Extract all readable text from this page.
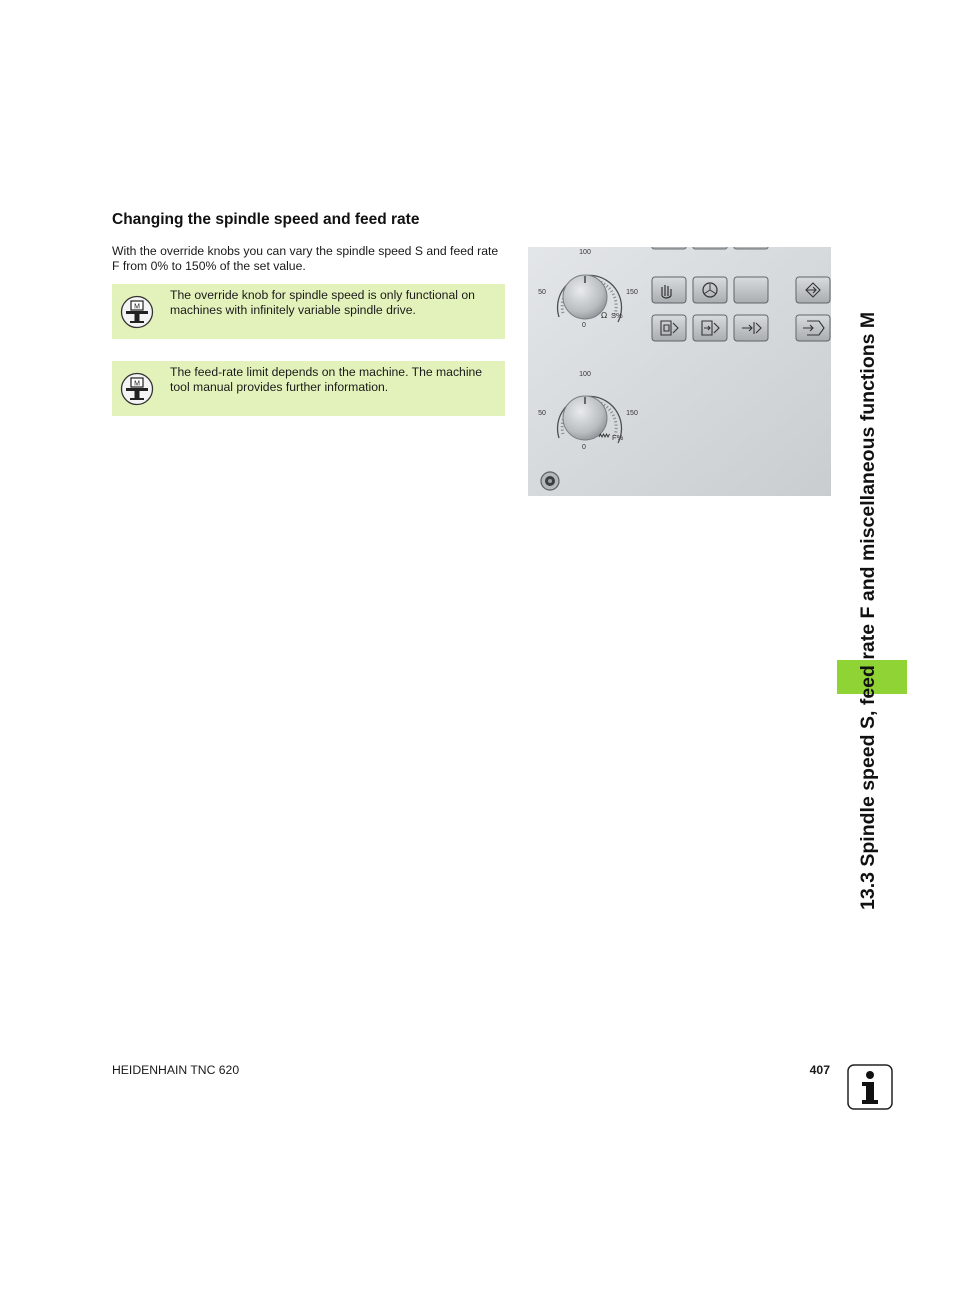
Changing the spindle speed and feed rate
With the override knobs you can vary the spindle speed S and feed rate F from 0% to 150% of the set value.
M
The override knob for spindle speed is only functional on machines with infinitely variable spindle drive.
M
The feed-rate limit depends on the machine. The machine tool manual provides further information.
100
50	150
0
Ω S%
100
50	150
0
F%	13.3 Spindle speed S, feed rate F and miscellaneous functions M
HEIDENHAIN TNC 620	407
